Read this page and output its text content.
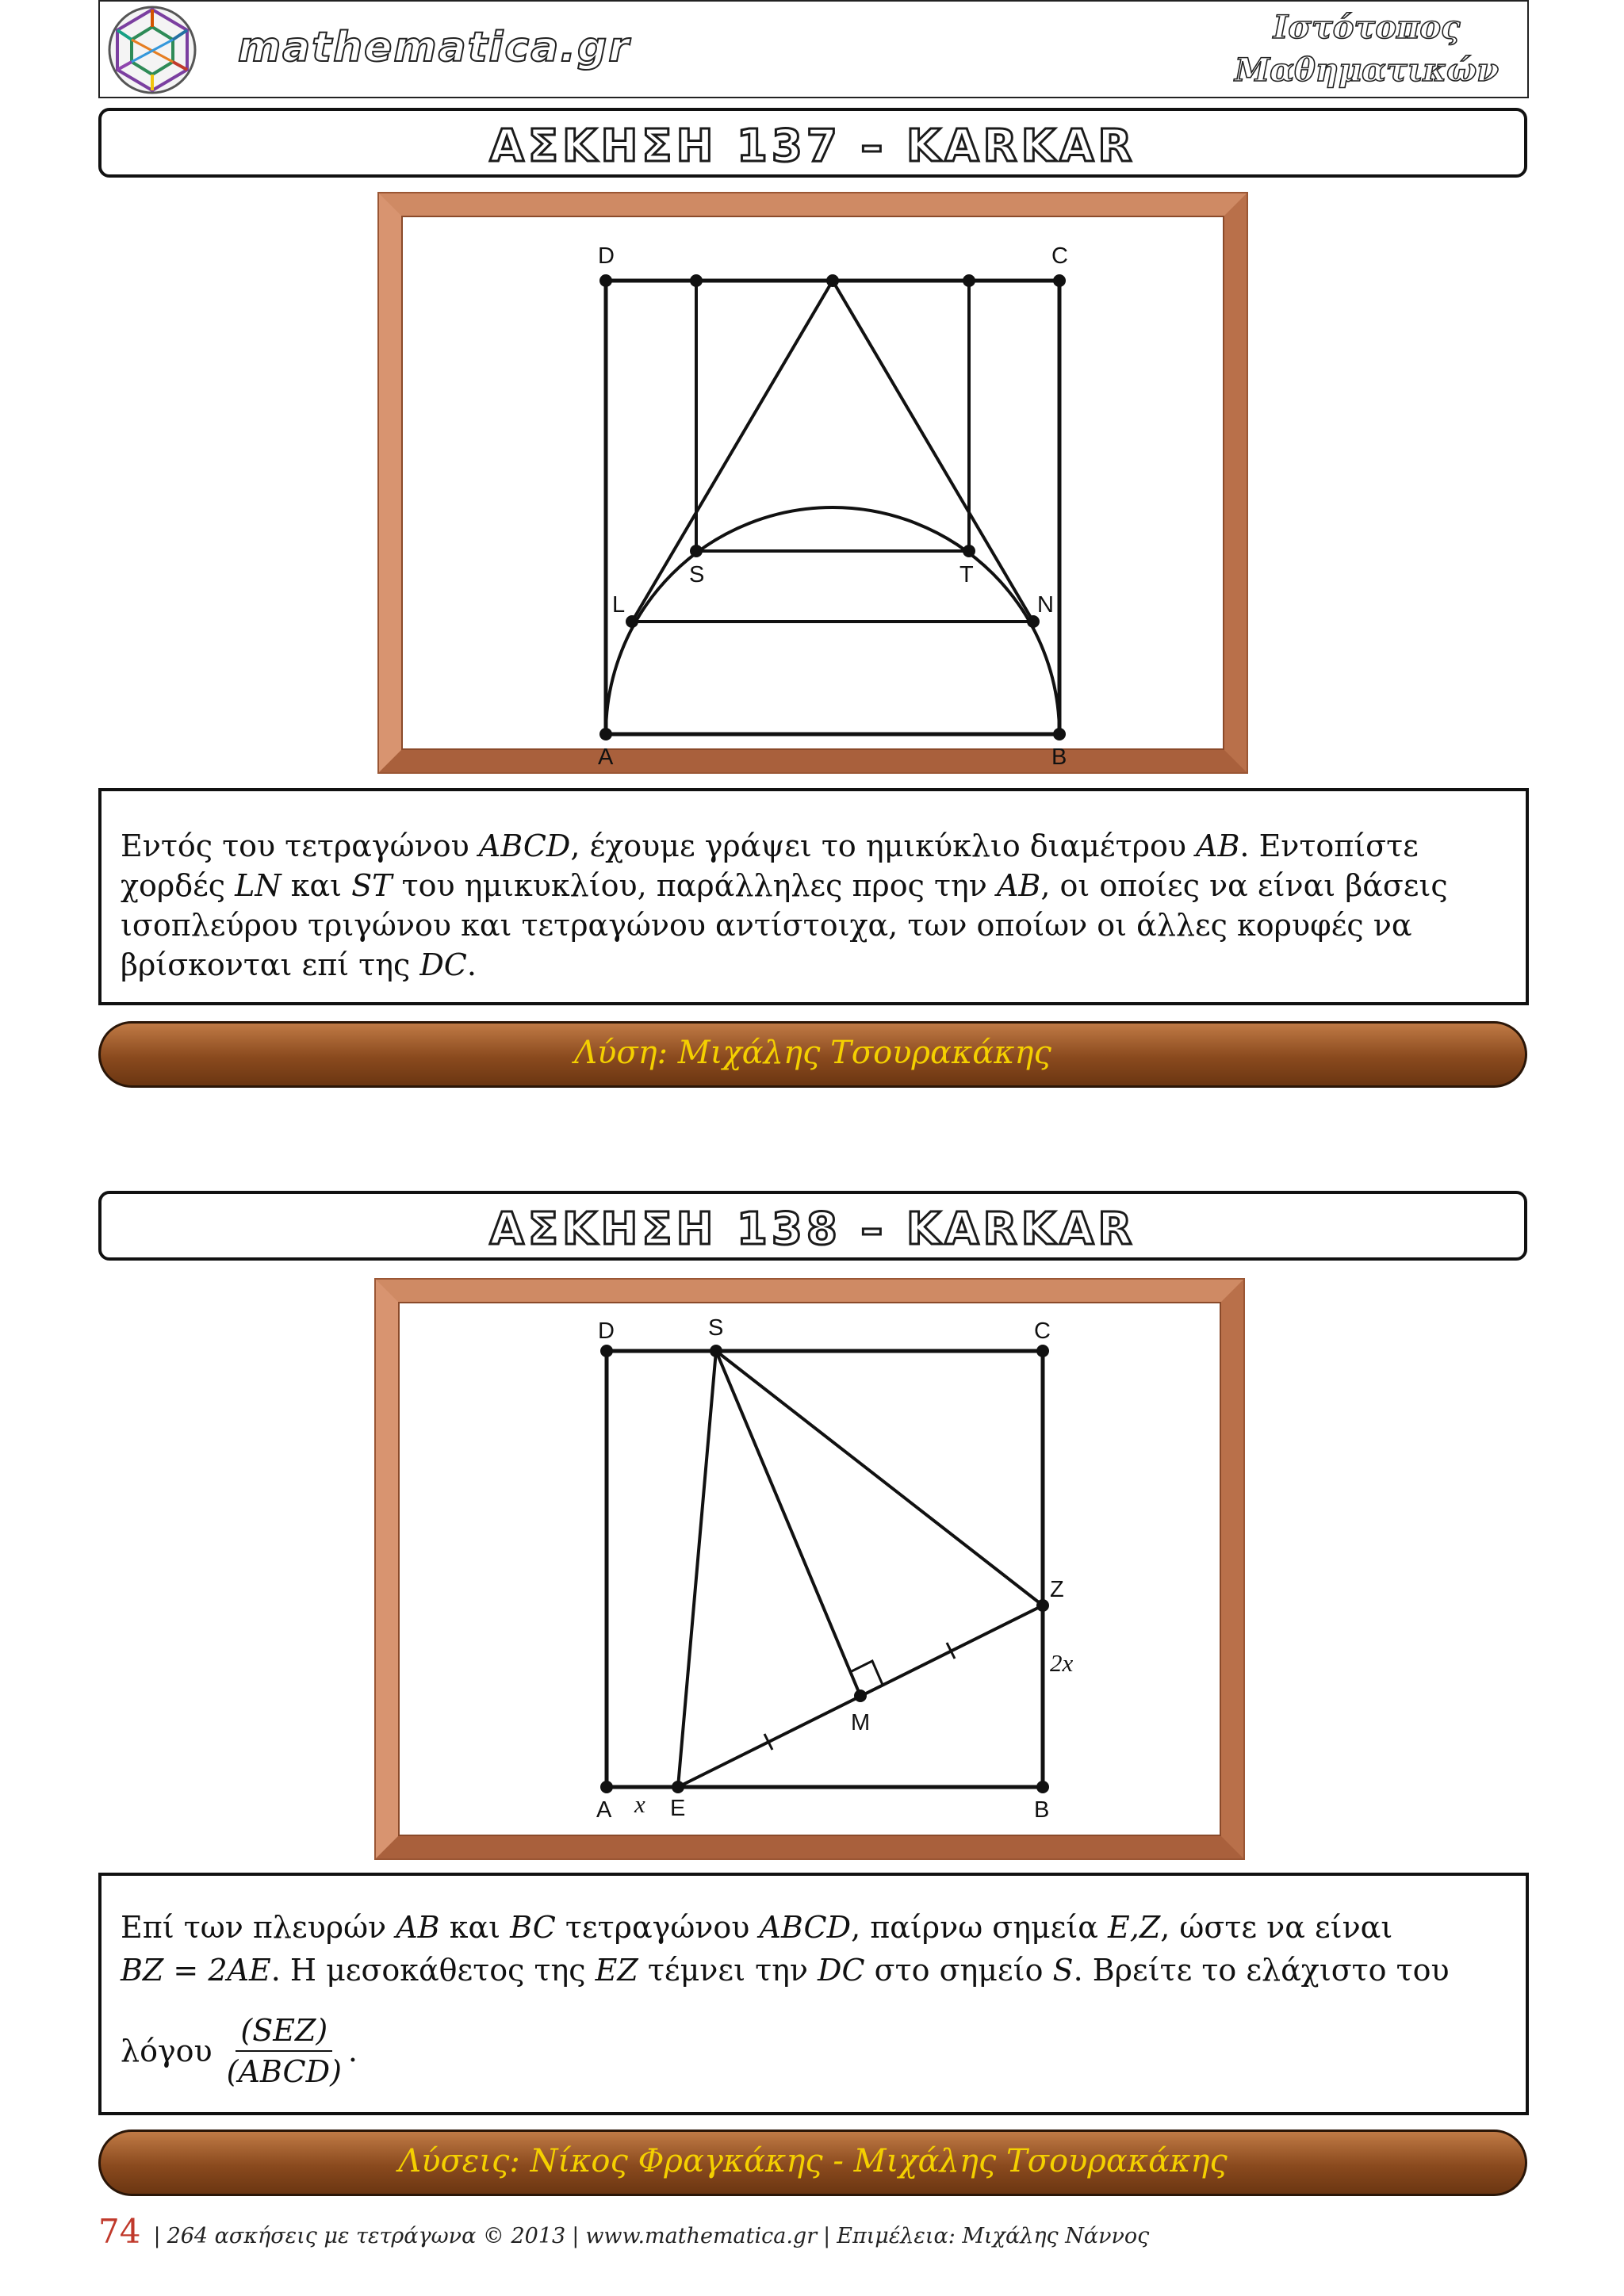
mathematica.gr	Ιστότοπος
Μαθηματικών
ΑΣΚΗΣΗ 137 – KARKAR
D	C
S	T
L	N
A	B

Εντός του τετραγώνου ABCD, έχουμε γράψει το ημικύκλιο διαμέτρου AB. Εντοπίστε

χορδές LN και ST του ημικυκλίου, παράλληλες προς την AB, οι οποίες να είναι βάσεις

ισοπλεύρου τριγώνου και τετραγώνου αντίστοιχα, των οποίων οι άλλες κορυφές να

βρίσκονται επί της DC.

Λύση: Μιχάλης Τσουρακάκης
ΑΣΚΗΣΗ 138 – KARKAR
D	S	C
Z
M
A	E	B
2x
x

Επί των πλευρών AB και BC τετραγώνου ABCD, παίρνω σημεία E,Z, ώστε να είναι

BZ = 2AE. Η μεσοκάθετος της EZ τέμνει την DC στο σημείο S. Βρείτε το ελάχιστο του

λόγου
(SEZ)
(ABCD)
.
Λύσεις: Νίκος Φραγκάκης - Μιχάλης Τσουρακάκης
74 | 264 ασκήσεις με τετράγωνα © 2013 | www.mathematica.gr | Επιμέλεια: Μιχάλης Νάννος
